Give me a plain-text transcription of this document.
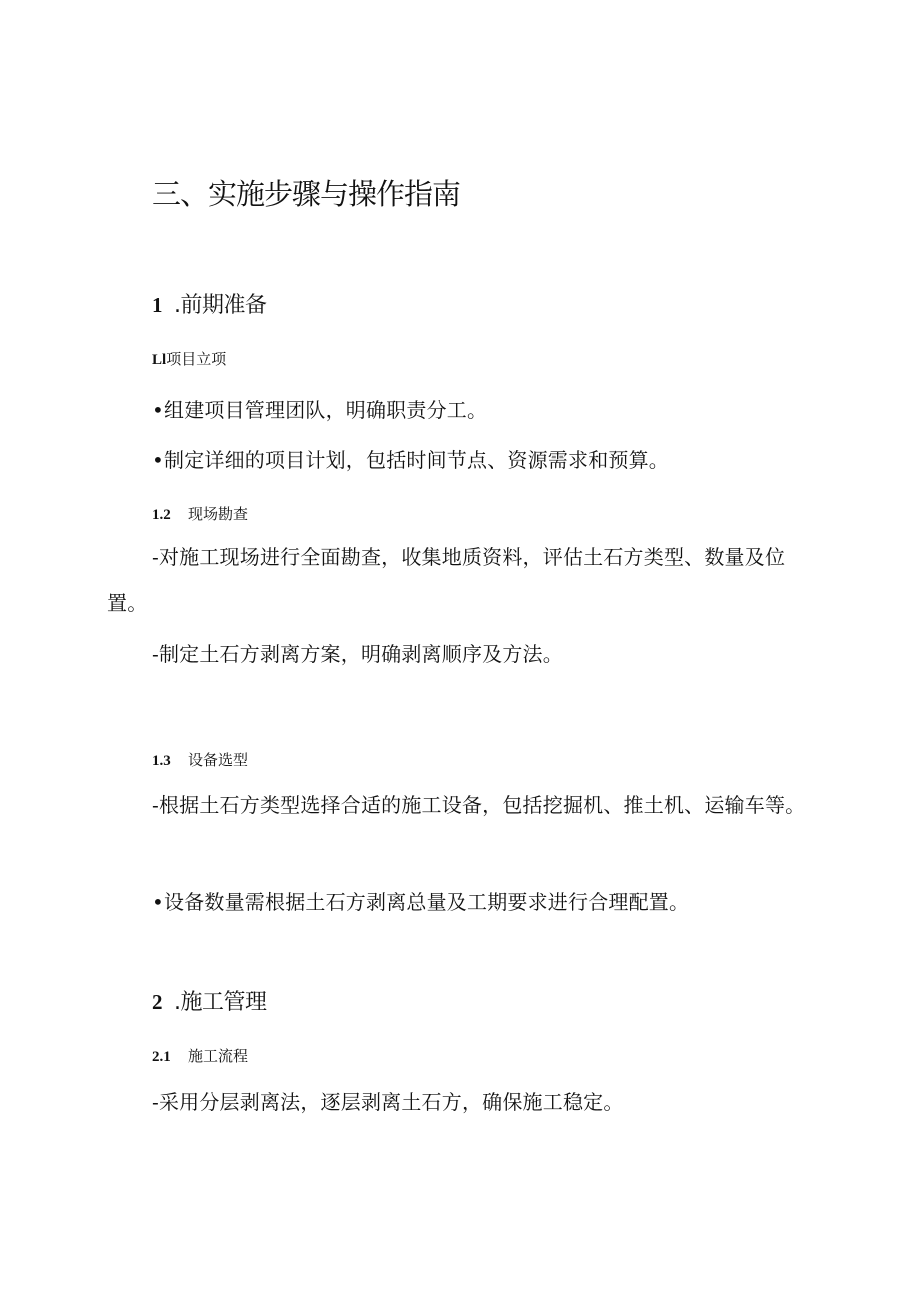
三、实施步骤与操作指南
1 .前期准备
Ll项目立项

•组建项目管理团队，明确职责分工。

•制定详细的项目计划，包括时间节点、资源需求和预算。

1.2 现场勘查

-对施工现场进行全面勘查，收集地质资料，评估土石方类型、数量及位置。

-制定土石方剥离方案，明确剥离顺序及方法。

1.3 设备选型

-根据土石方类型选择合适的施工设备，包括挖掘机、推土机、运输车等。

•设备数量需根据土石方剥离总量及工期要求进行合理配置。

2 .施工管理
2.1 施工流程

-采用分层剥离法，逐层剥离土石方，确保施工稳定。
